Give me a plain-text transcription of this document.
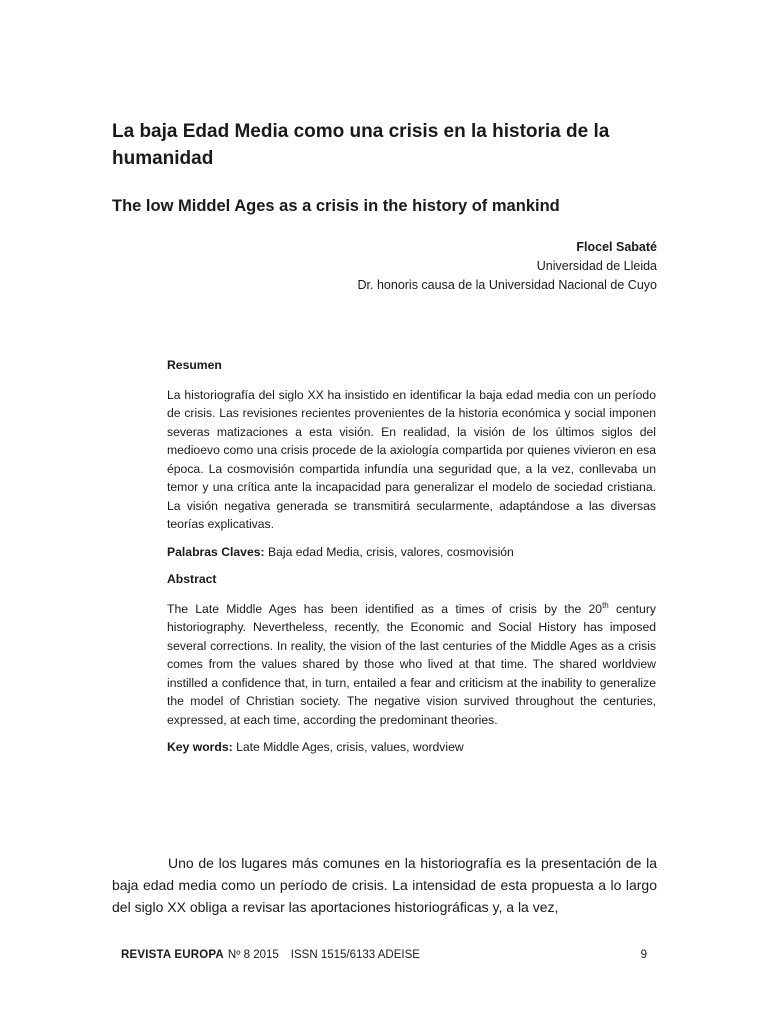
La baja Edad Media como una crisis en la historia de la humanidad
The low Middel Ages as a crisis in the history of mankind
Flocel Sabaté
Universidad de Lleida
Dr. honoris causa de la Universidad Nacional de Cuyo

Resumen

La historiografía del siglo XX ha insistido en identificar la baja edad media con un período de crisis. Las revisiones recientes provenientes de la historia económica y social imponen severas matizaciones a esta visión. En realidad, la visión de los últimos siglos del medioevo como una crisis procede de la axiología compartida por quienes vivieron en esa época. La cosmovisión compartida infundía una seguridad que, a la vez, conllevaba un temor y una crítica ante la incapacidad para generalizar el modelo de sociedad cristiana. La visión negativa generada se transmitirá secularmente, adaptándose a las diversas teorías explicativas.

Palabras Claves: Baja edad Media, crisis, valores, cosmovisión

Abstract

The Late Middle Ages has been identified as a times of crisis by the 20th century historiography. Nevertheless, recently, the Economic and Social History has imposed several corrections. In reality, the vision of the last centuries of the Middle Ages as a crisis comes from the values shared by those who lived at that time. The shared worldview instilled a confidence that, in turn, entailed a fear and criticism at the inability to generalize the model of Christian society. The negative vision survived throughout the centuries, expressed, at each time, according the predominant theories.

Key words: Late Middle Ages, crisis, values, wordview

Uno de los lugares más comunes en la historiografía es la presentación de la baja edad media como un período de crisis. La intensidad de esta propuesta a lo largo del siglo XX obliga a revisar las aportaciones historiográficas y, a la vez,

REVISTA EUROPA Nº 8 2015 ISSN 1515/6133 ADEISE	9
